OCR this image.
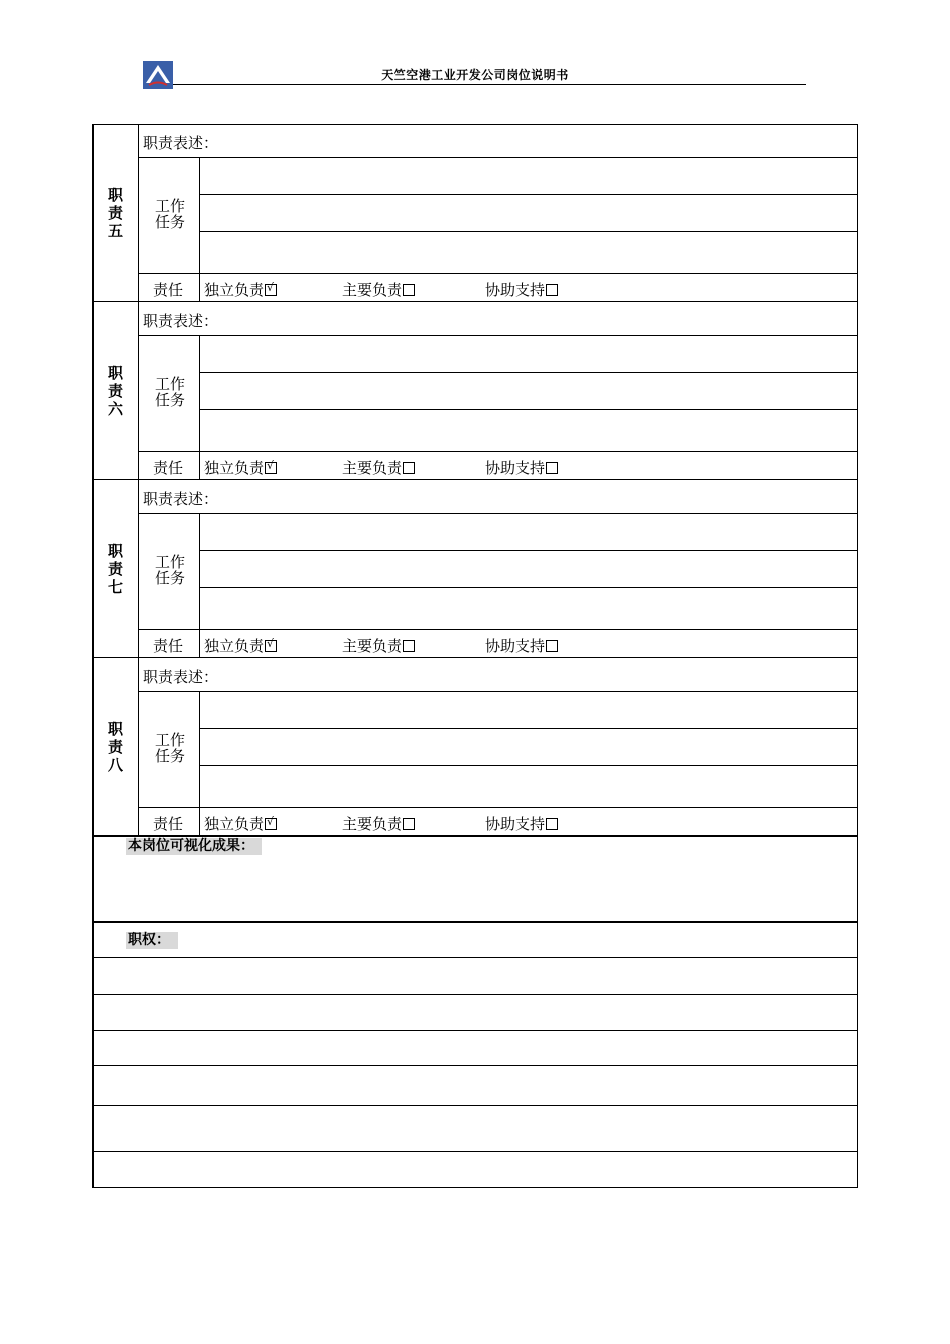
天竺空港工业开发公司岗位说明书
职责五
职责表述：
工作任务
责任 独立负责 √	主要负责	协助支持
职责六
职责表述：
工作任务
责任 独立负责 √	主要负责	协助支持
职责七
职责表述：
工作任务
责任 独立负责 √	主要负责	协助支持
职责八
职责表述：
工作任务
责任 独立负责 √	主要负责	协助支持
本岗位可视化成果：
职权：
